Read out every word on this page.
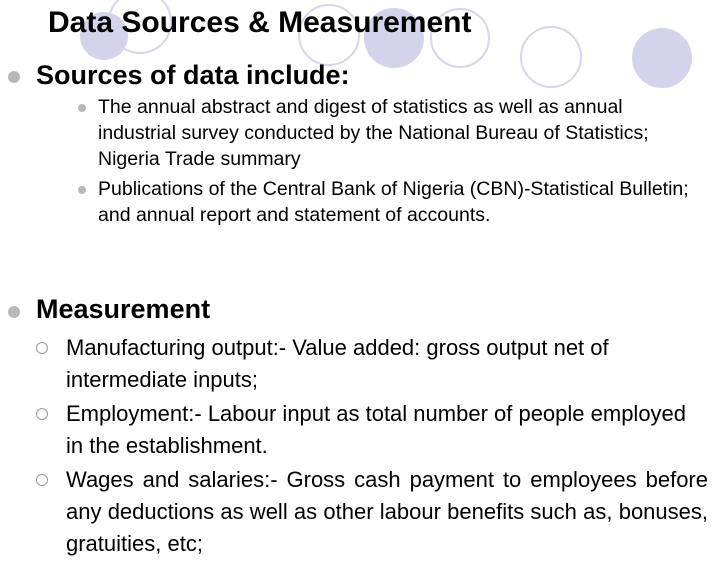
Data Sources & Measurement
Sources of data include:
The annual abstract and digest of statistics as well as annual industrial survey conducted by the National Bureau of Statistics; Nigeria Trade summary
Publications of the Central Bank of Nigeria (CBN)-Statistical Bulletin; and annual report and statement of accounts.
Measurement
Manufacturing output:- Value added: gross output net of intermediate inputs;
Employment:- Labour input as total number of people employed in the establishment.
Wages and salaries:- Gross cash payment to employees before any deductions as well as other labour benefits such as, bonuses, gratuities, etc;
